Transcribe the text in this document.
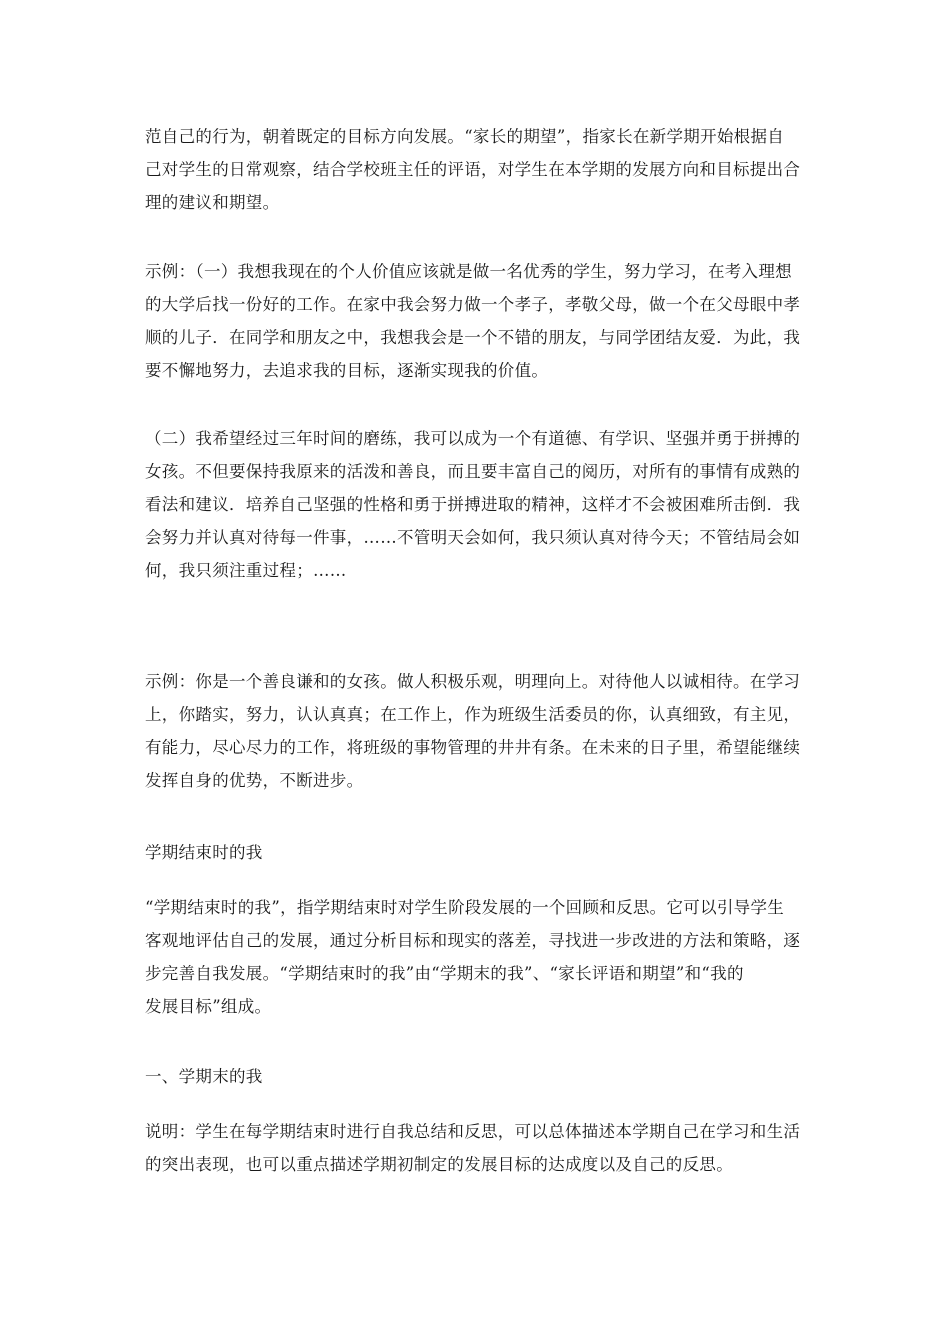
范自己的行为，朝着既定的目标方向发展。“家长的期望”，指家长在新学期开始根据自
己对学生的日常观察，结合学校班主任的评语，对学生在本学期的发展方向和目标提出合
理的建议和期望。

示例：（一）我想我现在的个人价值应该就是做一名优秀的学生，努力学习，在考入理想
的大学后找一份好的工作。在家中我会努力做一个孝子，孝敬父母，做一个在父母眼中孝
顺的儿子．在同学和朋友之中，我想我会是一个不错的朋友，与同学团结友爱．为此，我
要不懈地努力，去追求我的目标，逐渐实现我的价值。

（二）我希望经过三年时间的磨练，我可以成为一个有道德、有学识、坚强并勇于拼搏的
女孩。不但要保持我原来的活泼和善良，而且要丰富自己的阅历，对所有的事情有成熟的
看法和建议．培养自己坚强的性格和勇于拼搏进取的精神，这样才不会被困难所击倒．我
会努力并认真对待每一件事，……不管明天会如何，我只须认真对待今天；不管结局会如
何，我只须注重过程；……

示例：你是一个善良谦和的女孩。做人积极乐观，明理向上。对待他人以诚相待。在学习
上，你踏实，努力，认认真真；在工作上，作为班级生活委员的你，认真细致，有主见，
有能力，尽心尽力的工作，将班级的事物管理的井井有条。在未来的日子里，希望能继续
发挥自身的优势，不断进步。

学期结束时的我

“学期结束时的我”，指学期结束时对学生阶段发展的一个回顾和反思。它可以引导学生
客观地评估自己的发展，通过分析目标和现实的落差，寻找进一步改进的方法和策略，逐
步完善自我发展。“学期结束时的我”由“学期末的我”、“家长评语和期望”和“我的
发展目标”组成。

一、学期末的我

说明：学生在每学期结束时进行自我总结和反思，可以总体描述本学期自己在学习和生活
的突出表现，也可以重点描述学期初制定的发展目标的达成度以及自己的反思。
